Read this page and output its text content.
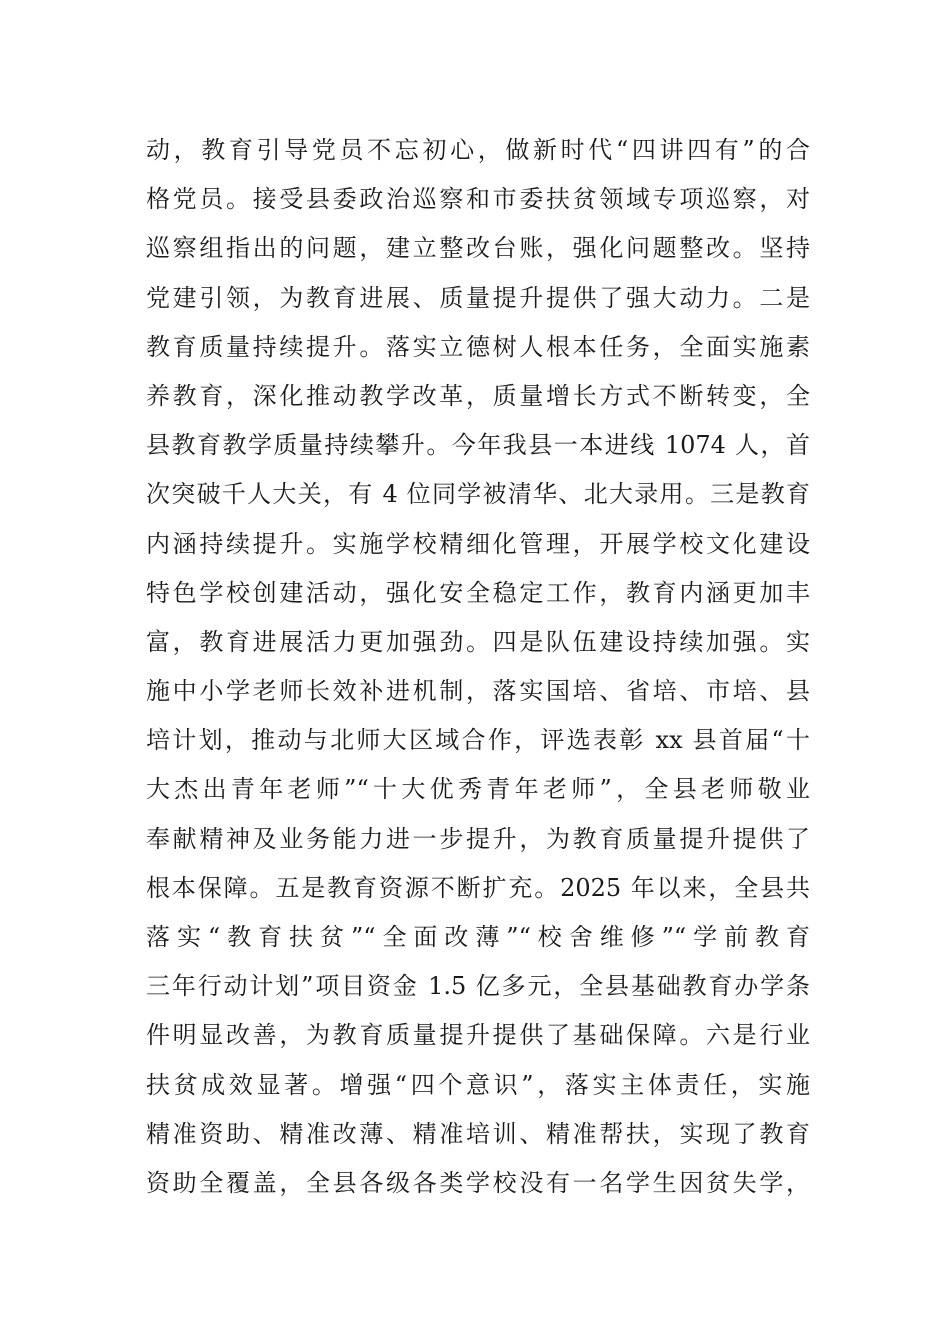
动，教育引导党员不忘初心，做新时代“四讲四有”的合
格党员。接受县委政治巡察和市委扶贫领域专项巡察，对
巡察组指出的问题，建立整改台账，强化问题整改。坚持
党建引领，为教育进展、质量提升提供了强大动力。二是
教育质量持续提升。落实立德树人根本任务，全面实施素
养教育，深化推动教学改革，质量增长方式不断转变，全
县教育教学质量持续攀升。今年我县一本进线 1074 人，首
次突破千人大关，有 4 位同学被清华、北大录用。三是教育
内涵持续提升。实施学校精细化管理，开展学校文化建设
特色学校创建活动，强化安全稳定工作，教育内涵更加丰
富，教育进展活力更加强劲。四是队伍建设持续加强。实
施中小学老师长效补进机制，落实国培、省培、市培、县
培计划，推动与北师大区域合作，评选表彰 xx 县首届“十
大杰出青年老师”“十大优秀青年老师”，全县老师敬业
奉献精神及业务能力进一步提升，为教育质量提升提供了
根本保障。五是教育资源不断扩充。2025 年以来，全县共
落实“教育扶贫”“全面改薄”“校舍维修”“学前教育
三年行动计划”项目资金 1.5 亿多元，全县基础教育办学条
件明显改善，为教育质量提升提供了基础保障。六是行业
扶贫成效显著。增强“四个意识”，落实主体责任，实施
精准资助、精准改薄、精准培训、精准帮扶，实现了教育
资助全覆盖，全县各级各类学校没有一名学生因贫失学，
